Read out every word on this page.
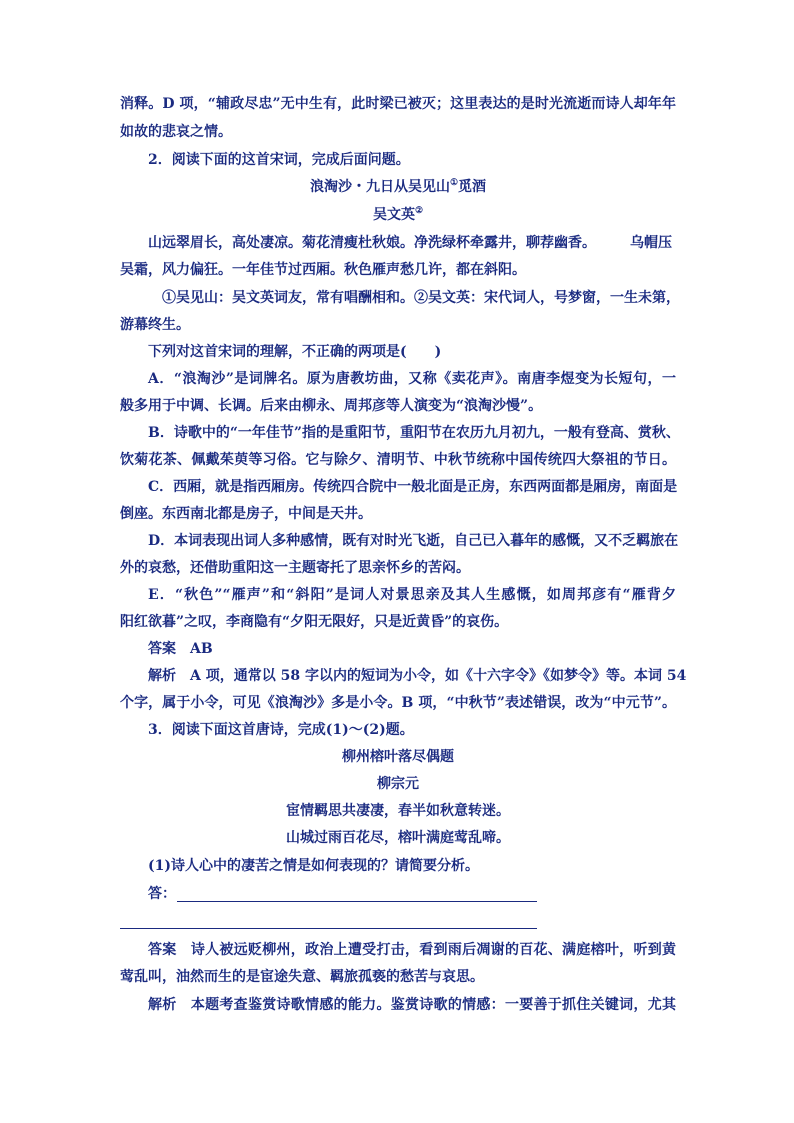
消释。D 项，“辅政尽忠”无中生有，此时梁已被灭；这里表达的是时光流逝而诗人却年年
如故的悲哀之情。
2．阅读下面的这首宋词，完成后面问题。
浪淘沙・九日从吴见山①觅酒
吴文英②
山远翠眉长，高处凄凉。菊花清瘦杜秋娘。净洗绿杯牵露井，聊荐幽香。 乌帽压
吴霜，风力偏狂。一年佳节过西厢。秋色雁声愁几许，都在斜阳。
①吴见山：吴文英词友，常有唱酬相和。②吴文英：宋代词人，号梦窗，一生未第，
游幕终生。
下列对这首宋词的理解，不正确的两项是(　　)
A．“浪淘沙”是词牌名。原为唐教坊曲，又称《卖花声》。南唐李煜变为长短句，一
般多用于中调、长调。后来由柳永、周邦彦等人演变为“浪淘沙慢”。
B．诗歌中的“一年佳节”指的是重阳节，重阳节在农历九月初九，一般有登高、赏秋、
饮菊花茶、佩戴茱萸等习俗。它与除夕、清明节、中秋节统称中国传统四大祭祖的节日。
C．西厢，就是指西厢房。传统四合院中一般北面是正房，东西两面都是厢房，南面是
倒座。东西南北都是房子，中间是天井。
D．本词表现出词人多种感情，既有对时光飞逝，自己已入暮年的感慨，又不乏羁旅在
外的哀愁，还借助重阳这一主题寄托了思亲怀乡的苦闷。
E．“秋色”“雁声”和“斜阳”是词人对景思亲及其人生感慨，如周邦彦有“雁背夕
阳红欲暮”之叹，李商隐有“夕阳无限好，只是近黄昏”的哀伤。
答案　AB
解析　A 项，通常以 58 字以内的短词为小令，如《十六字令》《如梦令》等。本词 54
个字，属于小令，可见《浪淘沙》多是小令。B 项，“中秋节”表述错误，改为“中元节”。
3．阅读下面这首唐诗，完成(1)～(2)题。
柳州榕叶落尽偶题
柳宗元
宦情羁思共凄凄，春半如秋意转迷。
山城过雨百花尽，榕叶满庭莺乱啼。
(1)诗人心中的凄苦之情是如何表现的？请简要分析。
答：
答案　诗人被远贬柳州，政治上遭受打击，看到雨后凋谢的百花、满庭榕叶，听到黄
莺乱叫，油然而生的是宦途失意、羁旅孤亵的愁苦与哀思。
解析　本题考查鉴赏诗歌情感的能力。鉴赏诗歌的情感：一要善于抓住关键词，尤其
